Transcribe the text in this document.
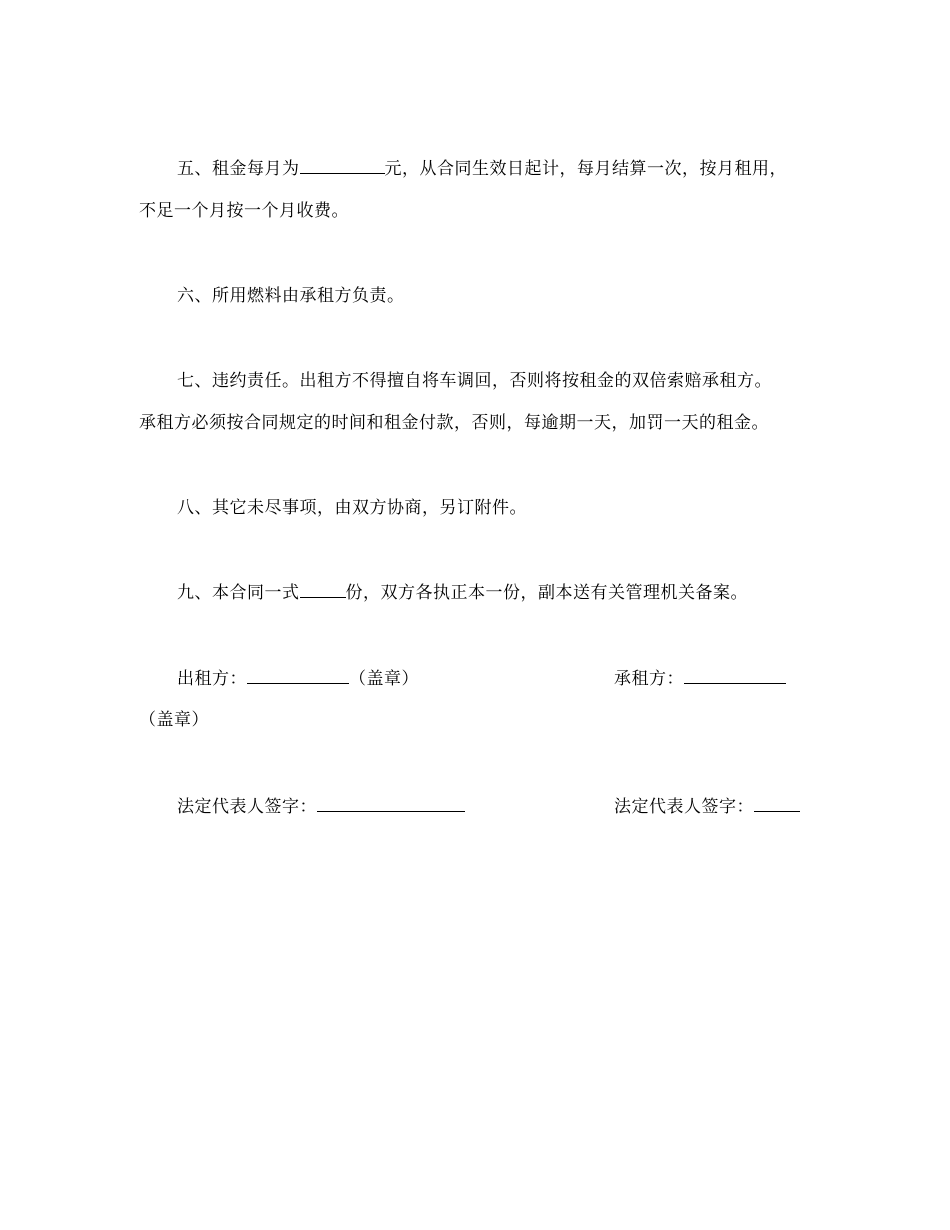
五、租金每月为	元，从合同生效日起计，每月结算一次，按月租用，
不足一个月按一个月收费。
六、所用燃料由承租方负责。
七、违约责任。出租方不得擅自将车调回，否则将按租金的双倍索赔承租方。
承租方必须按合同规定的时间和租金付款，否则，每逾期一天，加罚一天的租金。
八、其它未尽事项，由双方协商，另订附件。
九、本合同一式	份，双方各执正本一份，副本送有关管理机关备案。
出租方：	（盖章）	承租方：
（盖章）
法定代表人签字：	法定代表人签字：
